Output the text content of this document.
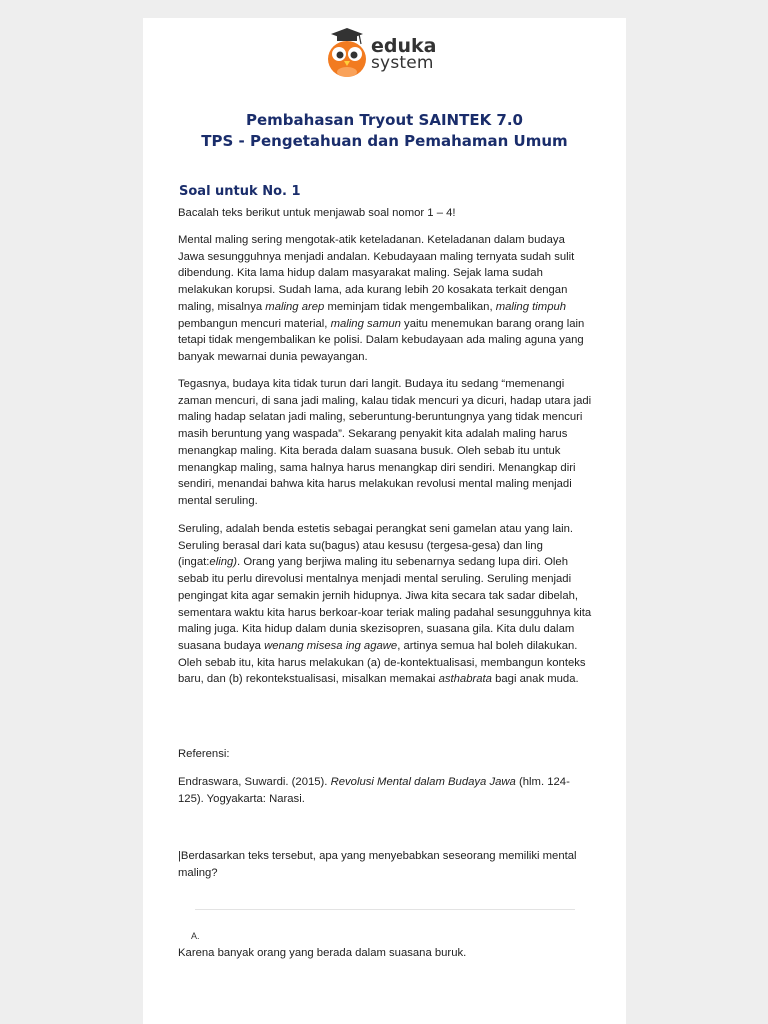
eduka
system
Pembahasan Tryout SAINTEK 7.0
TPS - Pengetahuan dan Pemahaman Umum
Soal untuk No. 1
Bacalah teks berikut untuk menjawab soal nomor 1 – 4!

Mental maling sering mengotak-atik keteladanan. Keteladanan dalam budaya Jawa sesungguhnya menjadi andalan. Kebudayaan maling ternyata sudah sulit dibendung. Kita lama hidup dalam masyarakat maling. Sejak lama sudah melakukan korupsi. Sudah lama, ada kurang lebih 20 kosakata terkait dengan maling, misalnya maling arep meminjam tidak mengembalikan, maling timpuh pembangun mencuri material, maling samun yaitu menemukan barang orang lain tetapi tidak mengembalikan ke polisi. Dalam kebudayaan ada maling aguna yang banyak mewarnai dunia pewayangan.

Tegasnya, budaya kita tidak turun dari langit. Budaya itu sedang “memenangi zaman mencuri, di sana jadi maling, kalau tidak mencuri ya dicuri, hadap utara jadi maling hadap selatan jadi maling, seberuntung-beruntungnya yang tidak mencuri masih beruntung yang waspada”. Sekarang penyakit kita adalah maling harus menangkap maling. Kita berada dalam suasana busuk. Oleh sebab itu untuk menangkap maling, sama halnya harus menangkap diri sendiri. Menangkap diri sendiri, menandai bahwa kita harus melakukan revolusi mental maling menjadi mental seruling.

Seruling, adalah benda estetis sebagai perangkat seni gamelan atau yang lain. Seruling berasal dari kata su(bagus) atau kesusu (tergesa-gesa) dan ling (ingat:eling). Orang yang berjiwa maling itu sebenarnya sedang lupa diri. Oleh sebab itu perlu direvolusi mentalnya menjadi mental seruling. Seruling menjadi pengingat kita agar semakin jernih hidupnya. Jiwa kita secara tak sadar dibelah, sementara waktu kita harus berkoar-koar teriak maling padahal sesungguhnya kita maling juga. Kita hidup dalam dunia skezisopren, suasana gila. Kita dulu dalam suasana budaya wenang misesa ing agawe, artinya semua hal boleh dilakukan. Oleh sebab itu, kita harus melakukan (a) de-kontektualisasi, membangun konteks baru, dan (b) rekontekstualisasi, misalkan memakai asthabrata bagi anak muda.

Referensi:

Endraswara, Suwardi. (2015). Revolusi Mental dalam Budaya Jawa (hlm. 124-125). Yogyakarta: Narasi.

|Berdasarkan teks tersebut, apa yang menyebabkan seseorang memiliki mental maling?
A.
Karena banyak orang yang berada dalam suasana buruk.
